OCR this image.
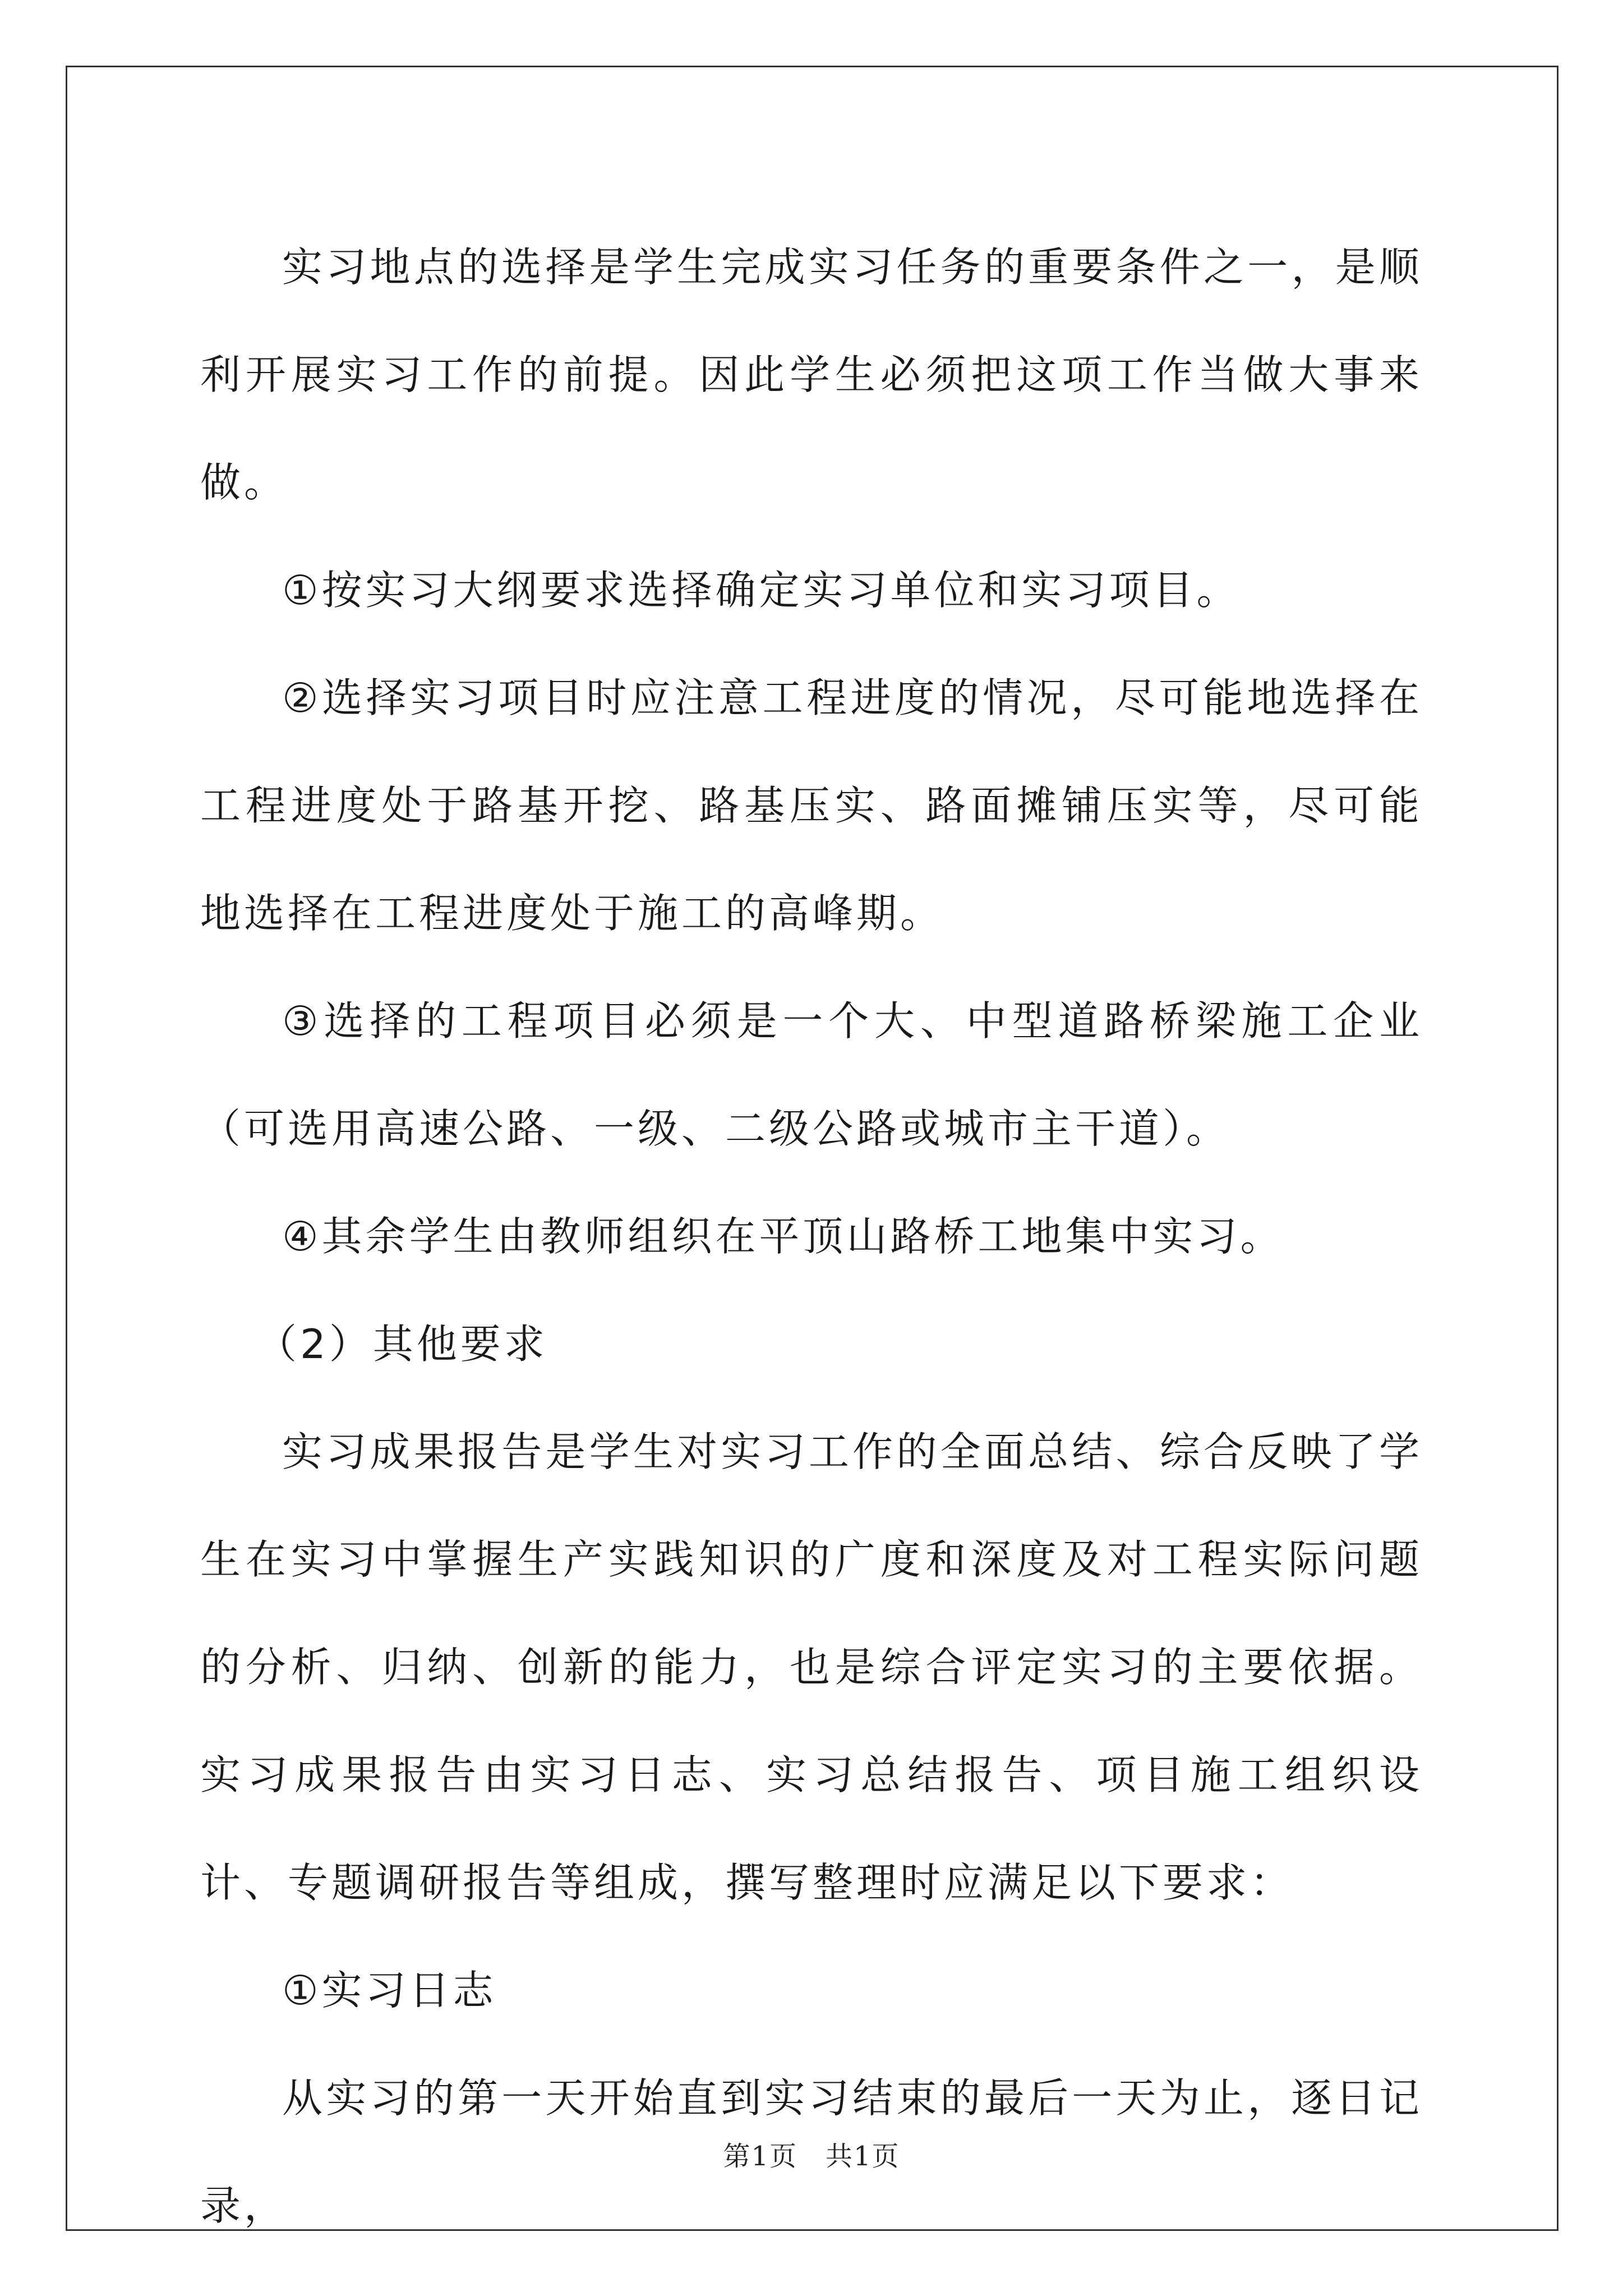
实习地点的选择是学生完成实习任务的重要条件之一，是顺利开展实习工作的前提。因此学生必须把这项工作当做大事来做。

①按实习大纲要求选择确定实习单位和实习项目。

②选择实习项目时应注意工程进度的情况，尽可能地选择在工程进度处于路基开挖、路基压实、路面摊铺压实等，尽可能地选择在工程进度处于施工的高峰期。

③选择的工程项目必须是一个大、中型道路桥梁施工企业（可选用高速公路、一级、二级公路或城市主干道）。

④其余学生由教师组织在平顶山路桥工地集中实习。

（2）其他要求

实习成果报告是学生对实习工作的全面总结、综合反映了学生在实习中掌握生产实践知识的广度和深度及对工程实际问题的分析、归纳、创新的能力，也是综合评定实习的主要依据。实习成果报告由实习日志、实习总结报告、项目施工组织设计、专题调研报告等组成，撰写整理时应满足以下要求：

①实习日志

从实习的第一天开始直到实习结束的最后一天为止，逐日记录，

第1页　共1页
